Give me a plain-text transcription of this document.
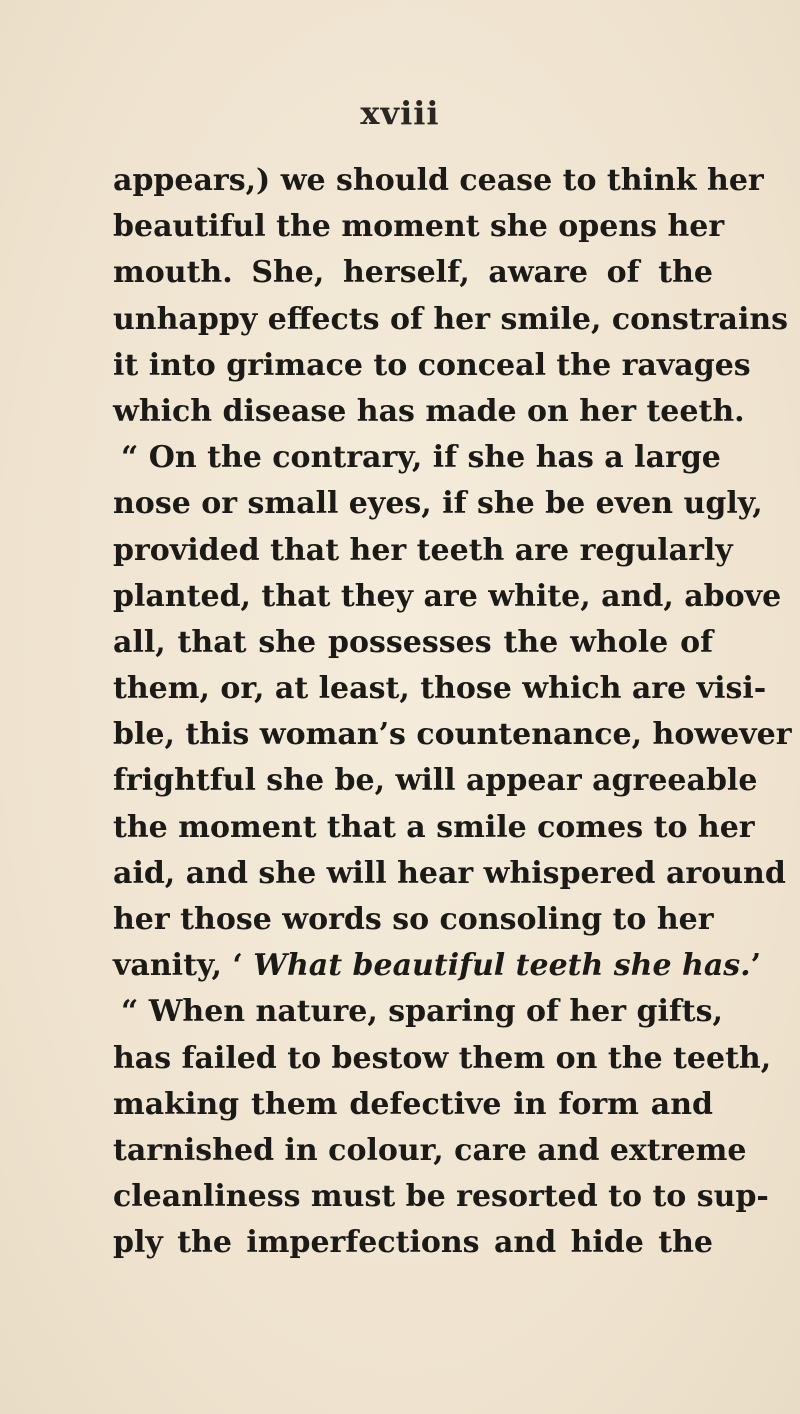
xviii
appears,) we should cease to think her
beautiful the moment she opens her
mouth. She, herself, aware of the
unhappy effects of her smile, constrains
it into grimace to conceal the ravages
which disease has made on her teeth.
“ On the contrary, if she has a large
nose or small eyes, if she be even ugly,
provided that her teeth are regularly
planted, that they are white, and, above
all, that she possesses the whole of
them, or, at least, those which are visi-
ble, this woman’s countenance, however
frightful she be, will appear agreeable
the moment that a smile comes to her
aid, and she will hear whispered around
her those words so consoling to her
vanity, ‘ What beautiful teeth she has.’
“ When nature, sparing of her gifts,
has failed to bestow them on the teeth,
making them defective in form and
tarnished in colour, care and extreme
cleanliness must be resorted to to sup-
ply the imperfections and hide the
